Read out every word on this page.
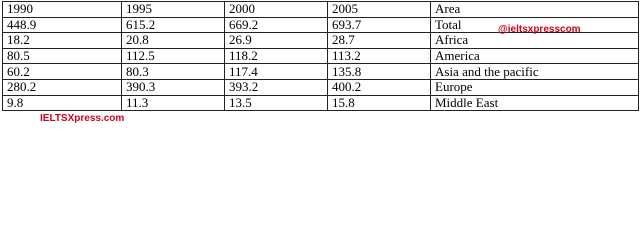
1990	1995	2000	2005	Area
448.9	615.2	669.2	693.7	Total
18.2	20.8	26.9	28.7	Africa
80.5	112.5	118.2	113.2	America
60.2	80.3	117.4	135.8	Asia and the pacific
280.2	390.3	393.2	400.2	Europe
9.8	11.3	13.5	15.8	Middle East
@ieltsxpresscom
IELTSXpress.com
